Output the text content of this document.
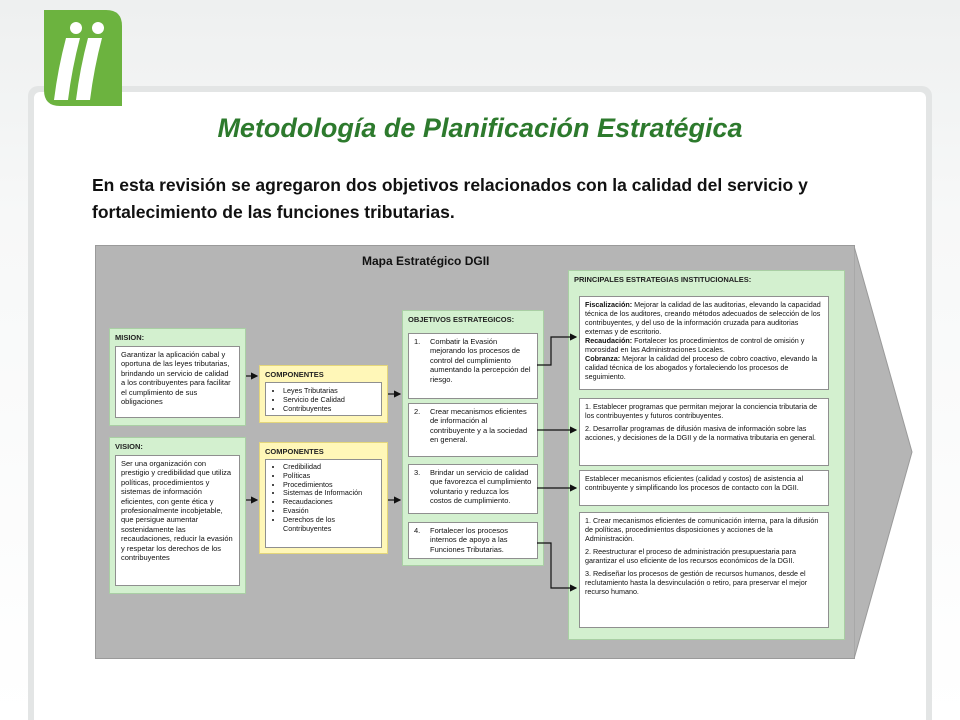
Metodología de Planificación Estratégica
En esta revisión se agregaron dos objetivos relacionados con la calidad del servicio y fortalecimiento de las funciones tributarias.
Mapa Estratégico DGII
MISION:
Garantizar la aplicación cabal y oportuna de las leyes tributarias, brindando un servicio de calidad a los contribuyentes para facilitar el cumplimiento de sus obligaciones
VISION:
Ser una organización con prestigio y credibilidad que utiliza políticas, procedimientos y sistemas de información eficientes, con gente ética y profesionalmente incobjetable, que persigue aumentar sostenidamente las recaudaciones, reducir la evasión y respetar los derechos de los contribuyentes
COMPONENTES
• Leyes Tributarias
• Servicio de Calidad
• Contribuyentes
COMPONENTES
• Credibilidad
• Políticas
• Procedimientos
• Sistemas de Información
• Recaudaciones
• Evasión
• Derechos de los Contribuyentes
OBJETIVOS ESTRATEGICOS:
1.	Combatir la Evasión mejorando los procesos de control del cumplimiento aumentando la percepción del riesgo.
2.	Crear mecanismos eficientes de información al contribuyente y a la sociedad en general.
3.	Brindar un servicio de calidad que favorezca el cumplimiento voluntario y reduzca los costos de cumplimiento.
4.	Fortalecer los procesos internos de apoyo a las Funciones Tributarias.
PRINCIPALES ESTRATEGIAS INSTITUCIONALES:
Fiscalización: Mejorar la calidad de las auditorias, elevando la capacidad técnica de los auditores, creando métodos adecuados de selección de los contribuyentes, y del uso de la información cruzada para auditorias externas y de escritorio.
Recaudación: Fortalecer los procedimientos de control de omisión y morosidad en las Administraciones Locales.
Cobranza: Mejorar la calidad del proceso de cobro coactivo, elevando la calidad técnica de los abogados y fortaleciendo los procesos de seguimiento.
1. Establecer programas que permitan mejorar la conciencia tributaria de los contribuyentes y futuros contribuyentes.
2. Desarrollar programas de difusión masiva de información sobre las acciones, y decisiones de la DGII y de la normativa tributaria en general.
Establecer mecanismos eficientes (calidad y costos) de asistencia al contribuyente y simplificando los procesos de contacto con la DGII.
1. Crear mecanismos eficientes de comunicación interna, para la difusión de políticas, procedimientos disposiciones y acciones de la Administración.
2. Reestructurar el proceso de administración presupuestaria para garantizar el uso eficiente de los recursos económicos de la DGII.
3. Rediseñar los procesos de gestión de recursos humanos, desde el reclutamiento hasta la desvinculación o retiro, para preservar el mejor recurso humano.
